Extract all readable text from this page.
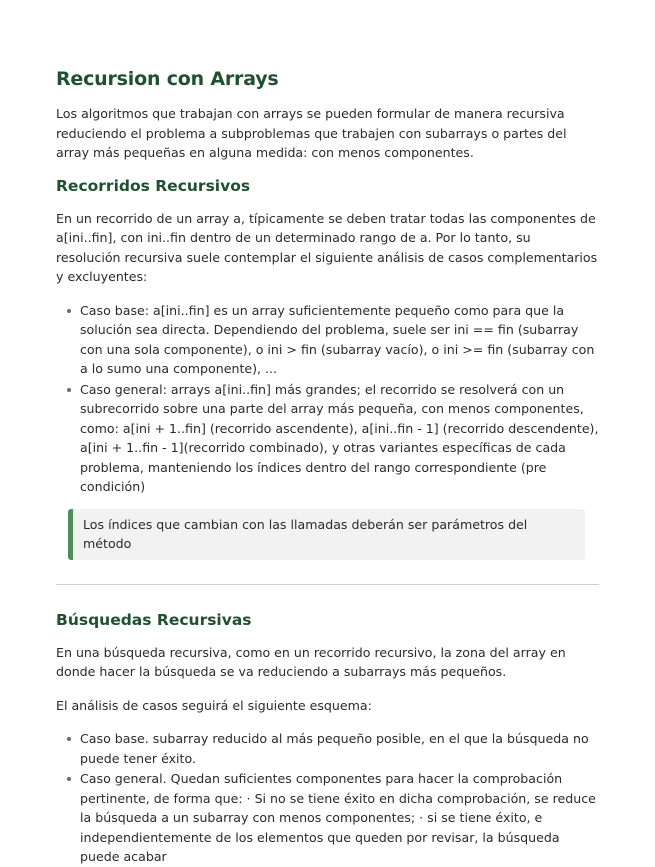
Recursion con Arrays

Los algoritmos que trabajan con arrays se pueden formular de manera recursiva reduciendo el problema a subproblemas que trabajen con subarrays o partes del array más pequeñas en alguna medida: con menos componentes.

Recorridos Recursivos

En un recorrido de un array a, típicamente se deben tratar todas las componentes de a[ini..fin], con ini..fin dentro de un determinado rango de a. Por lo tanto, su resolución recursiva suele contemplar el siguiente análisis de casos complementarios y excluyentes:

Caso base: a[ini..fin] es un array suficientemente pequeño como para que la solución sea directa. Dependiendo del problema, suele ser ini == fin (subarray con una sola componente), o ini > fin (subarray vacío), o ini >= fin (subarray con a lo sumo una componente), ...
Caso general: arrays a[ini..fin] más grandes; el recorrido se resolverá con un subrecorrido sobre una parte del array más pequeña, con menos componentes, como: a[ini + 1..fin] (recorrido ascendente), a[ini..fin - 1] (recorrido descendente), a[ini + 1..fin - 1](recorrido combinado), y otras variantes específicas de cada problema, manteniendo los índices dentro del rango correspondiente (pre condición)
Los índices que cambian con las llamadas deberán ser parámetros del método
Búsquedas Recursivas

En una búsqueda recursiva, como en un recorrido recursivo, la zona del array en donde hacer la búsqueda se va reduciendo a subarrays más pequeños.

El análisis de casos seguirá el siguiente esquema:

Caso base. subarray reducido al más pequeño posible, en el que la búsqueda no puede tener éxito.
Caso general. Quedan suficientes componentes para hacer la comprobación pertinente, de forma que: · Si no se tiene éxito en dicha comprobación, se reduce la búsqueda a un subarray con menos componentes; · si se tiene éxito, e independientemente de los elementos que queden por revisar, la búsqueda puede acabar
